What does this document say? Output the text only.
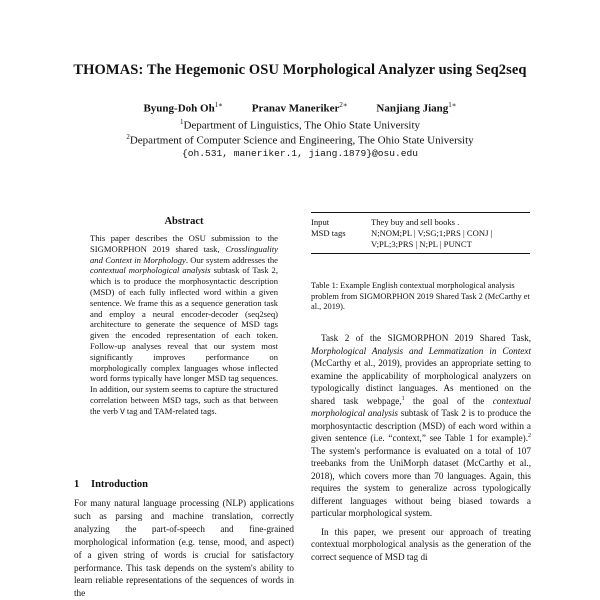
THOMAS: The Hegemonic OSU Morphological Analyzer using Seq2seq
Byung-Doh $Oh^{1∗}$	Pranav Maneriker$^{2∗}$	Nanjiang Jiang$^{1∗}$
$^1$Department of Linguistics, The Ohio State University
$^2$Department of Computer Science and Engineering, The Ohio State University
{oh.531, maneriker.1, jiang.1879}@osu.edu
Abstract
This paper describes the OSU submission to the SIGMORPHON 2019 shared task, Crosslinguality and Context in Morphology. Our system addresses the contextual morphological analysis subtask of Task 2, which is to produce the morphosyntactic description (MSD) of each fully inflected word within a given sentence. We frame this as a sequence generation task and employ a neural encoder-decoder (seq2seq) architecture to generate the sequence of MSD tags given the encoded representation of each token. Follow-up analyses reveal that our system most significantly improves performance on morphologically complex languages whose inflected word forms typically have longer MSD tag sequences. In addition, our system seems to capture the structured correlation between MSD tags, such as that between the verb V tag and TAM-related tags.
1 Introduction
For many natural language processing (NLP) applications such as parsing and machine translation, correctly analyzing the part-of-speech and fine-grained morphological information (e.g. tense, mood, and aspect) of a given string of words is crucial for satisfactory performance. This task depends on the system's ability to learn reliable representations of the sequences of words in the
Input	They buy and sell books .
MSD tags	N;NOM;PL | V;SG;1;PRS | CONJ | V;PL;3;PRS | N;PL | PUNCT
Table 1: Example English contextual morphological analysis problem from SIGMORPHON 2019 Shared Task 2 (McCarthy et al., 2019).

Task 2 of the SIGMORPHON 2019 Shared Task, Morphological Analysis and Lemmatization in Context (McCarthy et al., 2019), provides an appropriate setting to examine the applicability of morphological analyzers on typologically distinct languages. As mentioned on the shared task webpage,$^1$ the goal of the contextual morphological analysis subtask of Task 2 is to produce the morphosyntactic description (MSD) of each word within a given sentence (i.e. “context,” see Table 1 for example).$^2$ The system's performance is evaluated on a total of 107 treebanks from the UniMorph dataset (McCarthy et al., 2018), which covers more than 70 languages. Again, this requires the system to generalize across typologically different languages without being biased towards a particular morphological system.

In this paper, we present our approach of treating contextual morphological analysis as the generation of the correct sequence of MSD tag di
